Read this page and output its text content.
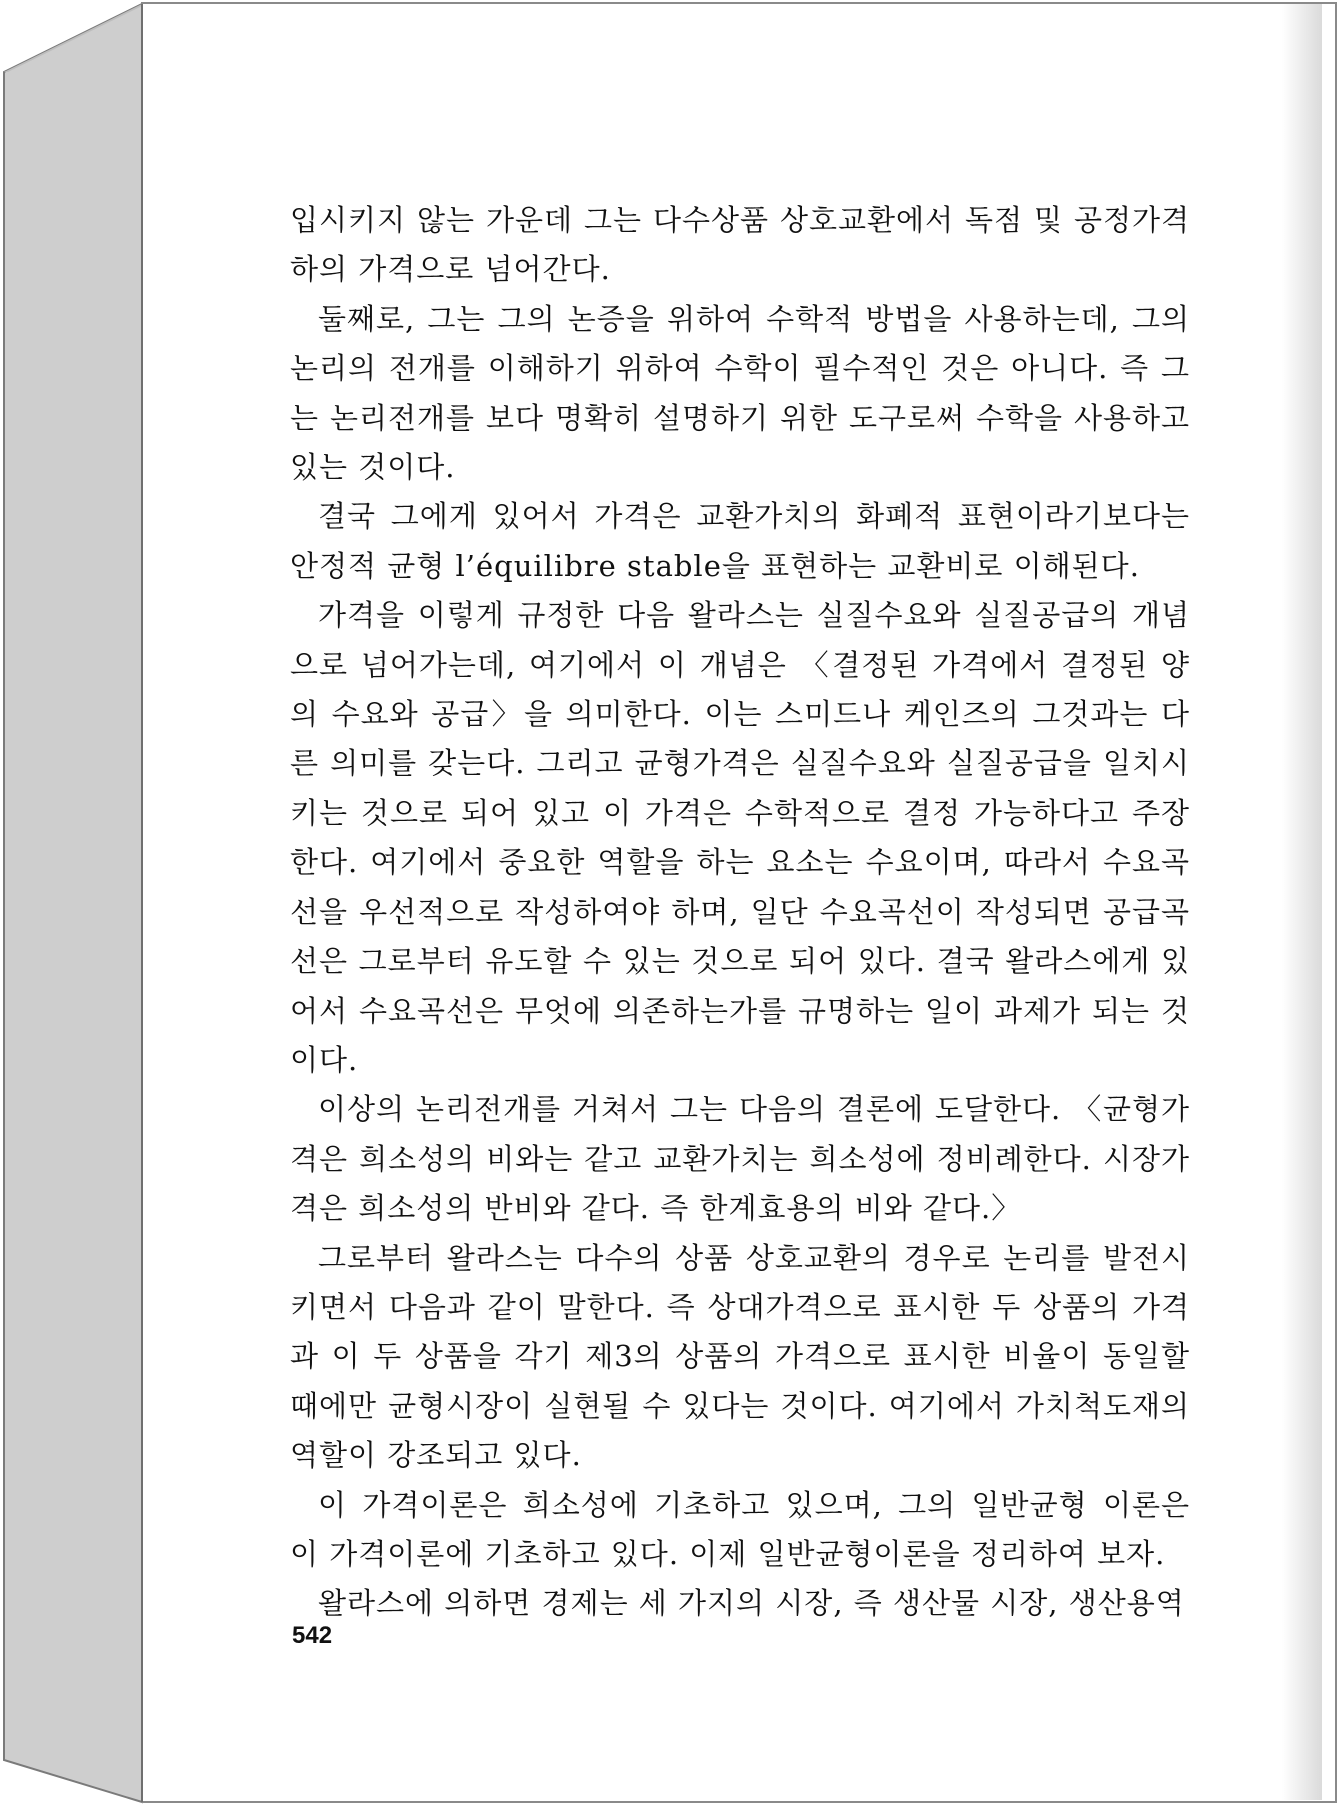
입시키지 않는 가운데 그는 다수상품 상호교환에서 독점 및 공정가격하의 가격으로 넘어간다.

둘째로, 그는 그의 논증을 위하여 수학적 방법을 사용하는데, 그의 논리의 전개를 이해하기 위하여 수학이 필수적인 것은 아니다. 즉 그는 논리전개를 보다 명확히 설명하기 위한 도구로써 수학을 사용하고 있는 것이다.

결국 그에게 있어서 가격은 교환가치의 화폐적 표현이라기보다는 안정적 균형 l’équilibre stable을 표현하는 교환비로 이해된다.

가격을 이렇게 규정한 다음 왈라스는 실질수요와 실질공급의 개념으로 넘어가는데, 여기에서 이 개념은 〈결정된 가격에서 결정된 양의 수요와 공급〉을 의미한다. 이는 스미드나 케인즈의 그것과는 다른 의미를 갖는다. 그리고 균형가격은 실질수요와 실질공급을 일치시키는 것으로 되어 있고 이 가격은 수학적으로 결정 가능하다고 주장한다. 여기에서 중요한 역할을 하는 요소는 수요이며, 따라서 수요곡선을 우선적으로 작성하여야 하며, 일단 수요곡선이 작성되면 공급곡선은 그로부터 유도할 수 있는 것으로 되어 있다. 결국 왈라스에게 있어서 수요곡선은 무엇에 의존하는가를 규명하는 일이 과제가 되는 것이다.

이상의 논리전개를 거쳐서 그는 다음의 결론에 도달한다. 〈균형가격은 희소성의 비와는 같고 교환가치는 희소성에 정비례한다. 시장가격은 희소성의 반비와 같다. 즉 한계효용의 비와 같다.〉

그로부터 왈라스는 다수의 상품 상호교환의 경우로 논리를 발전시키면서 다음과 같이 말한다. 즉 상대가격으로 표시한 두 상품의 가격과 이 두 상품을 각기 제3의 상품의 가격으로 표시한 비율이 동일할 때에만 균형시장이 실현될 수 있다는 것이다. 여기에서 가치척도재의 역할이 강조되고 있다.

이 가격이론은 희소성에 기초하고 있으며, 그의 일반균형 이론은 이 가격이론에 기초하고 있다. 이제 일반균형이론을 정리하여 보자.

왈라스에 의하면 경제는 세 가지의 시장, 즉 생산물 시장, 생산용역

542
